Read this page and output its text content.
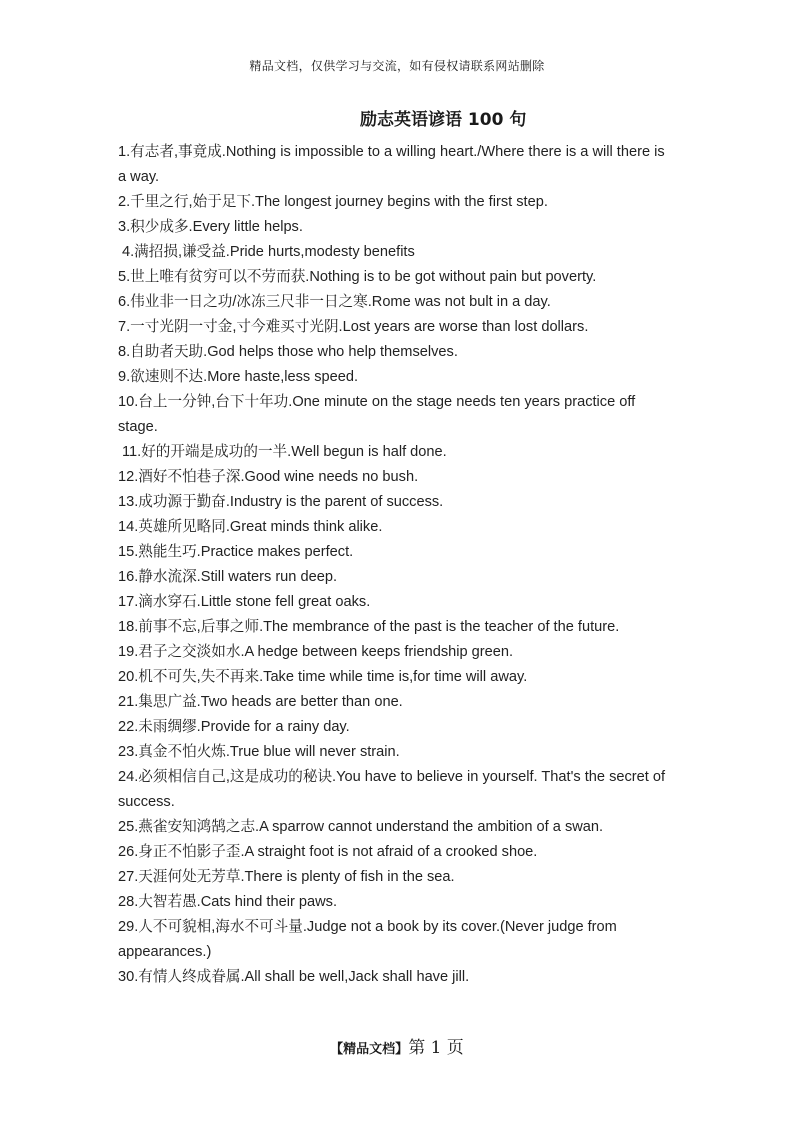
精品文档，仅供学习与交流，如有侵权请联系网站删除
励志英语谚语 100 句
1.有志者,事竟成.Nothing is impossible to a willing heart./Where there is a will there is a way.
2.千里之行,始于足下.The longest journey begins with the first step.
3.积少成多.Every little helps.
4.满招损,谦受益.Pride hurts,modesty benefits
5.世上唯有贫穷可以不劳而获.Nothing is to be got without pain but poverty.
6.伟业非一日之功/冰冻三尺非一日之寒.Rome was not bult in a day.
7.一寸光阴一寸金,寸今难买寸光阴.Lost years are worse than lost dollars.
8.自助者天助.God helps those who help themselves.
9.欲速则不达.More haste,less speed.
10.台上一分钟,台下十年功.One minute on the stage needs ten years practice off stage.
11.好的开端是成功的一半.Well begun is half done.
12.酒好不怕巷子深.Good wine needs no bush.
13.成功源于勤奋.Industry is the parent of success.
14.英雄所见略同.Great minds think alike.
15.熟能生巧.Practice makes perfect.
16.静水流深.Still waters run deep.
17.滴水穿石.Little stone fell great oaks.
18.前事不忘,后事之师.The membrance of the past is the teacher of the future.
19.君子之交淡如水.A hedge between keeps friendship green.
20.机不可失,失不再来.Take time while time is,for time will away.
21.集思广益.Two heads are better than one.
22.未雨绸缪.Provide for a rainy day.
23.真金不怕火炼.True blue will never strain.
24.必须相信自己,这是成功的秘诀.You have to believe in yourself. That's the secret of success.
25.燕雀安知鸿鹄之志.A sparrow cannot understand the ambition of a swan.
26.身正不怕影子歪.A straight foot is not afraid of a crooked shoe.
27.天涯何处无芳草.There is plenty of fish in the sea.
28.大智若愚.Cats hind their paws.
29.人不可貌相,海水不可斗量.Judge not a book by its cover.(Never judge from appearances.)
30.有情人终成眷属.All shall be well,Jack shall have jill.
【精品文档】第 1 页
